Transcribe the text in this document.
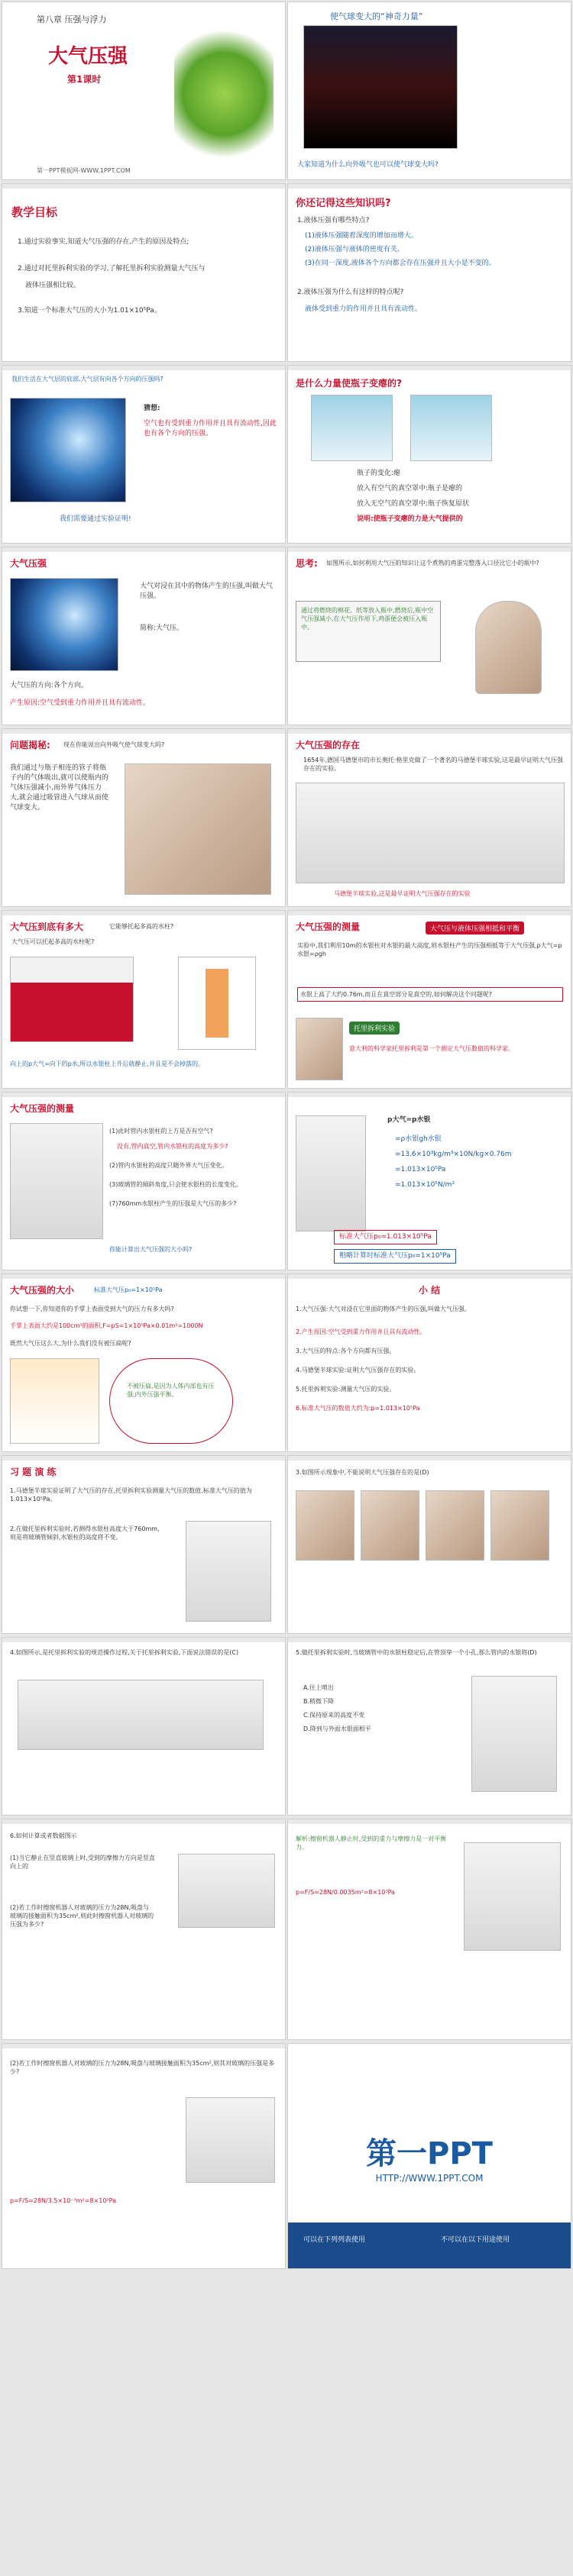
第八章 压强与浮力
大气压强
第1课时
第一PPT模板网-WWW.1PPT.COM
使气球变大的“神奇力量”
大家知道为什么向外吸气也可以使气球变大吗?
教学目标
1.通过实验事实,知道大气压强的存在,产生的原因及特点;
2.通过对托里拆利实验的学习,了解托里拆利实验测量大气压与
液体压强相比较。
3.知道一个标准大气压的大小为1.01×10⁵Pa。
你还记得这些知识吗?
1.液体压强有哪些特点?
(1)液体压强随着深度的增加而增大。
(2)液体压强与液体的密度有关。
(3)在同一深度,液体各个方向都会存在压强并且大小是不变的。
2.液体压强为什么有这样的特点呢?
液体受到重力的作用并且具有流动性。
我们生活在大气层的底部,大气层有向各个方向的压强吗?
猜想:
空气也有受到重力作用并且具有流动性,因此也有各个方向的压强。
我们需要通过实验证明!
是什么力量使瓶子变瘪的?
瓶子的变化:瘪
放入有空气的真空罩中:瓶子是瘪的
放入无空气的真空罩中:瓶子恢复原状
说明:使瓶子变瘪的力是大气提供的
大气压强
大气对浸在其中的物体产生的压强,叫做大气压强。
简称:大气压。
大气压的方向:各个方向。
产生原因:空气受到重力作用并且具有流动性。
思考: 如图所示,如何利用大气压的知识让这个煮熟的鸡蛋完整落入口径比它小的瓶中?
通过将燃烧的棉花、纸等放入瓶中,燃烧后,瓶中空气压强减小,在大气压作用下,鸡蛋便会被压入瓶中。
问题揭秘: 现在你能说出向外吸气使气球变大吗?
我们通过与瓶子相连的管子将瓶子内的气体吸出,就可以使瓶内的气体压强减小,而外界气体压力大,就会通过吸管进入气球从而使气球变大。
大气压强的存在
1654年,德国马德堡市的市长奥托·格里克做了一个著名的马德堡半球实验,这是最早证明大气压强存在的实验。
马德堡半球实验,这是最早证明大气压强存在的实验
大气压到底有多大	它能够托起多高的水柱?
大气压可以托起多高的水柱呢?
向上的p大气=向下的p水,所以水银柱上升后就静止,并且是不会掉落的。
大气压强的测量	大气压与液体压强相抵和平衡
实验中,我们利用10m的水银柱对水银的最大高度,则水银柱产生的压强相抵等于大气压强,p大气=p水银=ρgh
水银上高了大约0.76m,而且在真空部分是真空的,如何解决这个问题呢?
托里拆利实验
意大利的科学家托里拆利是第一个测定大气压数值的科学家。
大气压强的测量
(1)此时管内水银柱的上方是否有空气?
没有,管内真空,管内水银柱的高度为多少?
(2)管内水银柱的高度只随外界大气压变化。
(3)玻璃管的倾斜角度,只会使水银柱的长度变化。
(7)760mm水银柱产生的压强是大气压的多少?
你能计算出大气压强的大小吗?
p大气=p水银
=ρ水银gh水银
=13.6×10³kg/m³×10N/kg×0.76m
=1.013×10⁵Pa
=1.013×10⁵N/m²
标准大气压p₀=1.013×10⁵Pa
粗略计算时标准大气压p₀=1×10⁵Pa
大气压强的大小	标准大气压p₀=1×10⁵Pa
你试想一下,你知道你的手掌上表面受到大气的压力有多大吗?
手掌上表面大约是100cm²的面积,F=pS=1×10⁵Pa×0.01m²=1000N
既然大气压这么大,为什么我们没有被压扁呢?
不被压扁,是因为人体内部也有压强,内外压强平衡。
小 结
1.大气压强:大气对浸在它里面的物体产生的压强,叫做大气压强。
2.产生原因:空气受到重力作用并且具有流动性。
3.大气压的特点:各个方向都有压强。
4.马德堡半球实验:证明大气压强存在的实验。
5.托里拆利实验:测量大气压的实验。
6.标准大气压的数值大约为:p=1.013×10⁵Pa
习 题 演 练
1.马德堡半球实验证明了大气压的存在,托里拆利实验测量大气压的数值,标准大气压的值为1.013×10⁵Pa。
2.在做托里拆利实验时,若测得水银柱高度大于760mm,则是将玻璃管倾斜,水银柱的高度将不变。
3.如图所示现象中,不能说明大气压强存在的是(D)
4.如图所示,是托里拆利实验的规范操作过程,关于托里拆利实验,下面说法错误的是(C)	5.做托里拆利实验时,当玻璃管中的水银柱稳定后,在管顶穿一个小孔,那么管内的水银将(D)
A.往上喷出
B.稍微下降
C.保持原来的高度不变
D.降到与外面水银面相平
6.如何计算或者数据图示
(1)当它静止在竖直玻璃上时,受到的摩擦力方向是竖直向上的
(2)若工作时擦窗机器人对玻璃的压力为28N,吸盘与玻璃的接触面积为35cm²,则此时擦窗机器人对玻璃的压强为多少?
解析:擦窗机器人静止时,受到的重力与摩擦力是一对平衡力。
p=F/S=28N/0.0035m²=8×10³Pa
(2)若工作时擦窗机器人对玻璃的压力为28N,吸盘与玻璃接触面积为35cm²,则其对玻璃的压强是多少?
p=F/S=28N/3.5×10⁻³m²=8×10³Pa
第一PPT
HTTP://WWW.1PPT.COM
可以在下列列表使用	不可以在以下用途使用
